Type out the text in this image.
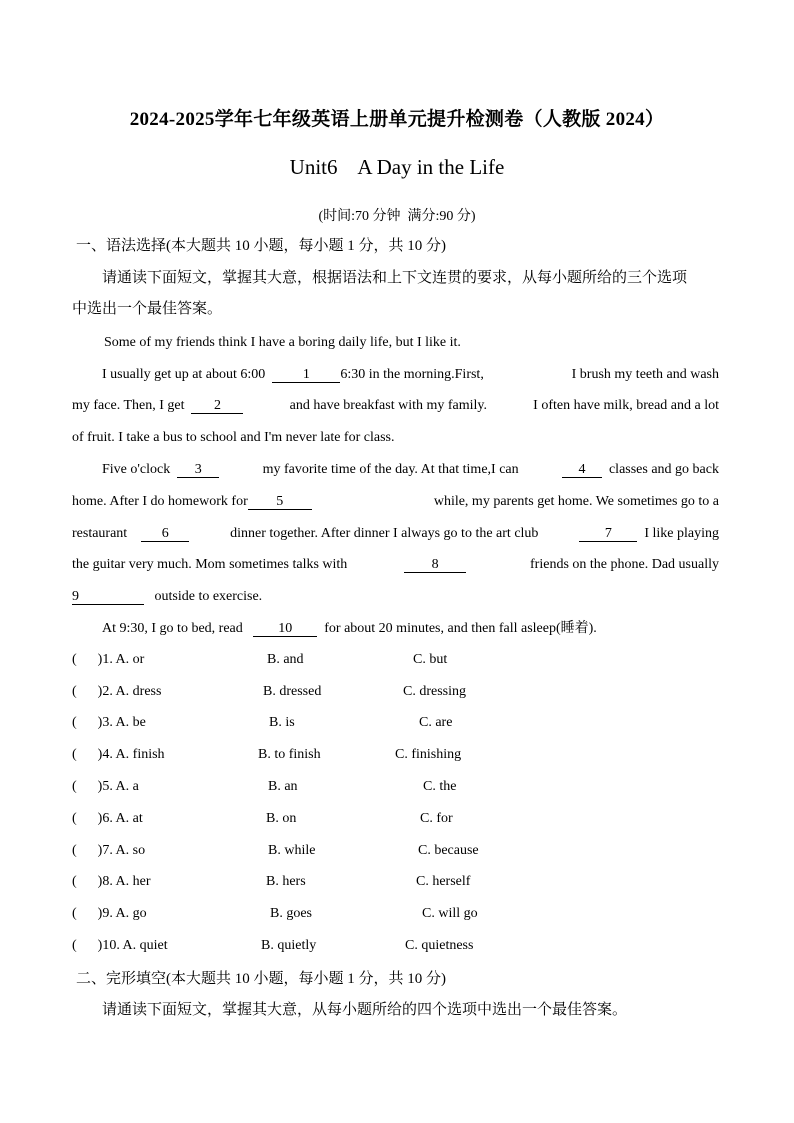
2024-2025学年七年级英语上册单元提升检测卷（人教版 2024）
Unit6    A Day in the Life
(时间:70 分钟  满分:90 分)
一、语法选择(本大题共 10 小题，每小题 1 分，共 10 分)
请通读下面短文，掌握其大意，根据语法和上下文连贯的要求，从每小题所给的三个选项
中选出一个最佳答案。
Some of my friends think I have a boring daily life, but I like it.
I usually get up at about 6:00	1 6:30 in the morning.First,	I brush my teeth and wash
my face. Then, I get 2	and have breakfast with my family.	I often have milk, bread and a lot
of fruit. I take a bus to school and I'm never late for class.
Five o'clock 3	my favorite time of the day. At that time,I can	4 classes and go back
home. After I do homework for 5	while, my parents get home. We sometimes go to a
restaurant 6	dinner together. After dinner I always go to the art club	7 I like playing
the guitar very much. Mom sometimes talks with	8	friends on the phone. Dad usually
9	outside to exercise.
At 9:30, I go to bed, read	10 for about 20 minutes, and then fall asleep(睡着).
(      )1. A. or	B. and	C. but
(      )2. A. dress	B. dressed	C. dressing
(      )3. A. be	B. is	C. are
(      )4. A. finish	B. to finish	C. finishing
(      )5. A. a	B. an	C. the
(      )6. A. at	B. on	C. for
(      )7. A. so	B. while	C. because
(      )8. A. her	B. hers	C. herself
(      )9. A. go	B. goes	C. will go
(      )10. A. quiet	B. quietly	C. quietness
二、完形填空(本大题共 10 小题，每小题 1 分，共 10 分)
请通读下面短文，掌握其大意，从每小题所给的四个选项中选出一个最佳答案。
